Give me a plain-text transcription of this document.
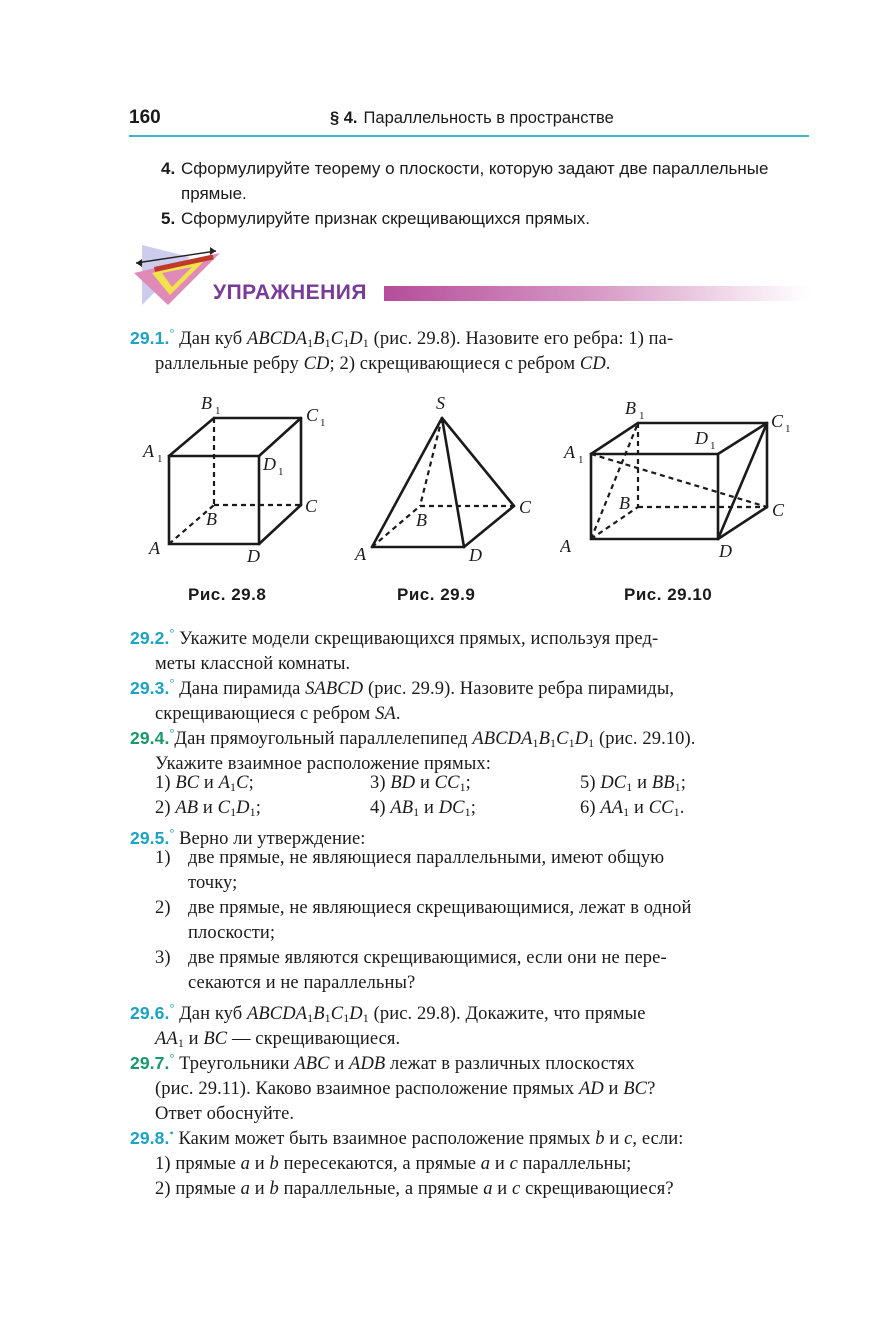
160	§ 4. Параллельность в пространстве
4. Сформулируйте теорему о плоскости, которую задают две параллельные
прямые.
5. Сформулируйте признак скрещивающихся прямых.
УПРАЖНЕНИЯ
29.1.° Дан куб $ABCDA_1B_1C_1D_1$ (рис. 29.8). Назовите его ребра: 1) па-
раллельные ребру CD; 2) скрещивающиеся с ребром CD.
A
B
C
D
A 1
B 1	C 1
D 1
S
A
B
C
D	A
B	C
D
A 1
B 1	C 1
D 1
Рис. 29.8	Рис. 29.9	Рис. 29.10
29.2.° Укажите модели скрещивающихся прямых, используя пред-
меты классной комнаты.
29.3.° Дана пирамида SABCD (рис. 29.9). Назовите ребра пирамиды,
скрещивающиеся с ребром SA.
29.4.°Дан прямоугольный параллелепипед $ABCDA_1B_1C_1D_1$ (рис. 29.10).
Укажите взаимное расположение прямых:
1) BC и $A_1C$;	3) BD и $CC_1$;	5) $DC_1$ и $BB_1$;
2) AB и $C_1D_1$;	4) $AB_1$ и $DC_1$;	6) $AA_1$ и $CC_1$.
29.5.° Верно ли утверждение:
1) две прямые, не являющиеся параллельными, имеют общую
точку;
2) две прямые, не являющиеся скрещивающимися, лежат в одной
плоскости;
3) две прямые являются скрещивающимися, если они не пере-
секаются и не параллельны?
29.6.° Дан куб $ABCDA_1B_1C_1D_1$ (рис. 29.8). Докажите, что прямые
$AA_1$ и BC — скрещивающиеся.
29.7.° Треугольники ABC и ADB лежат в различных плоскостях
(рис. 29.11). Каково взаимное расположение прямых AD и BC?
Ответ обоснуйте.
29.8.• Каким может быть взаимное расположение прямых b и c, если:
1) прямые a и b пересекаются, а прямые a и c параллельны;
2) прямые a и b параллельные, а прямые a и c скрещивающиеся?
